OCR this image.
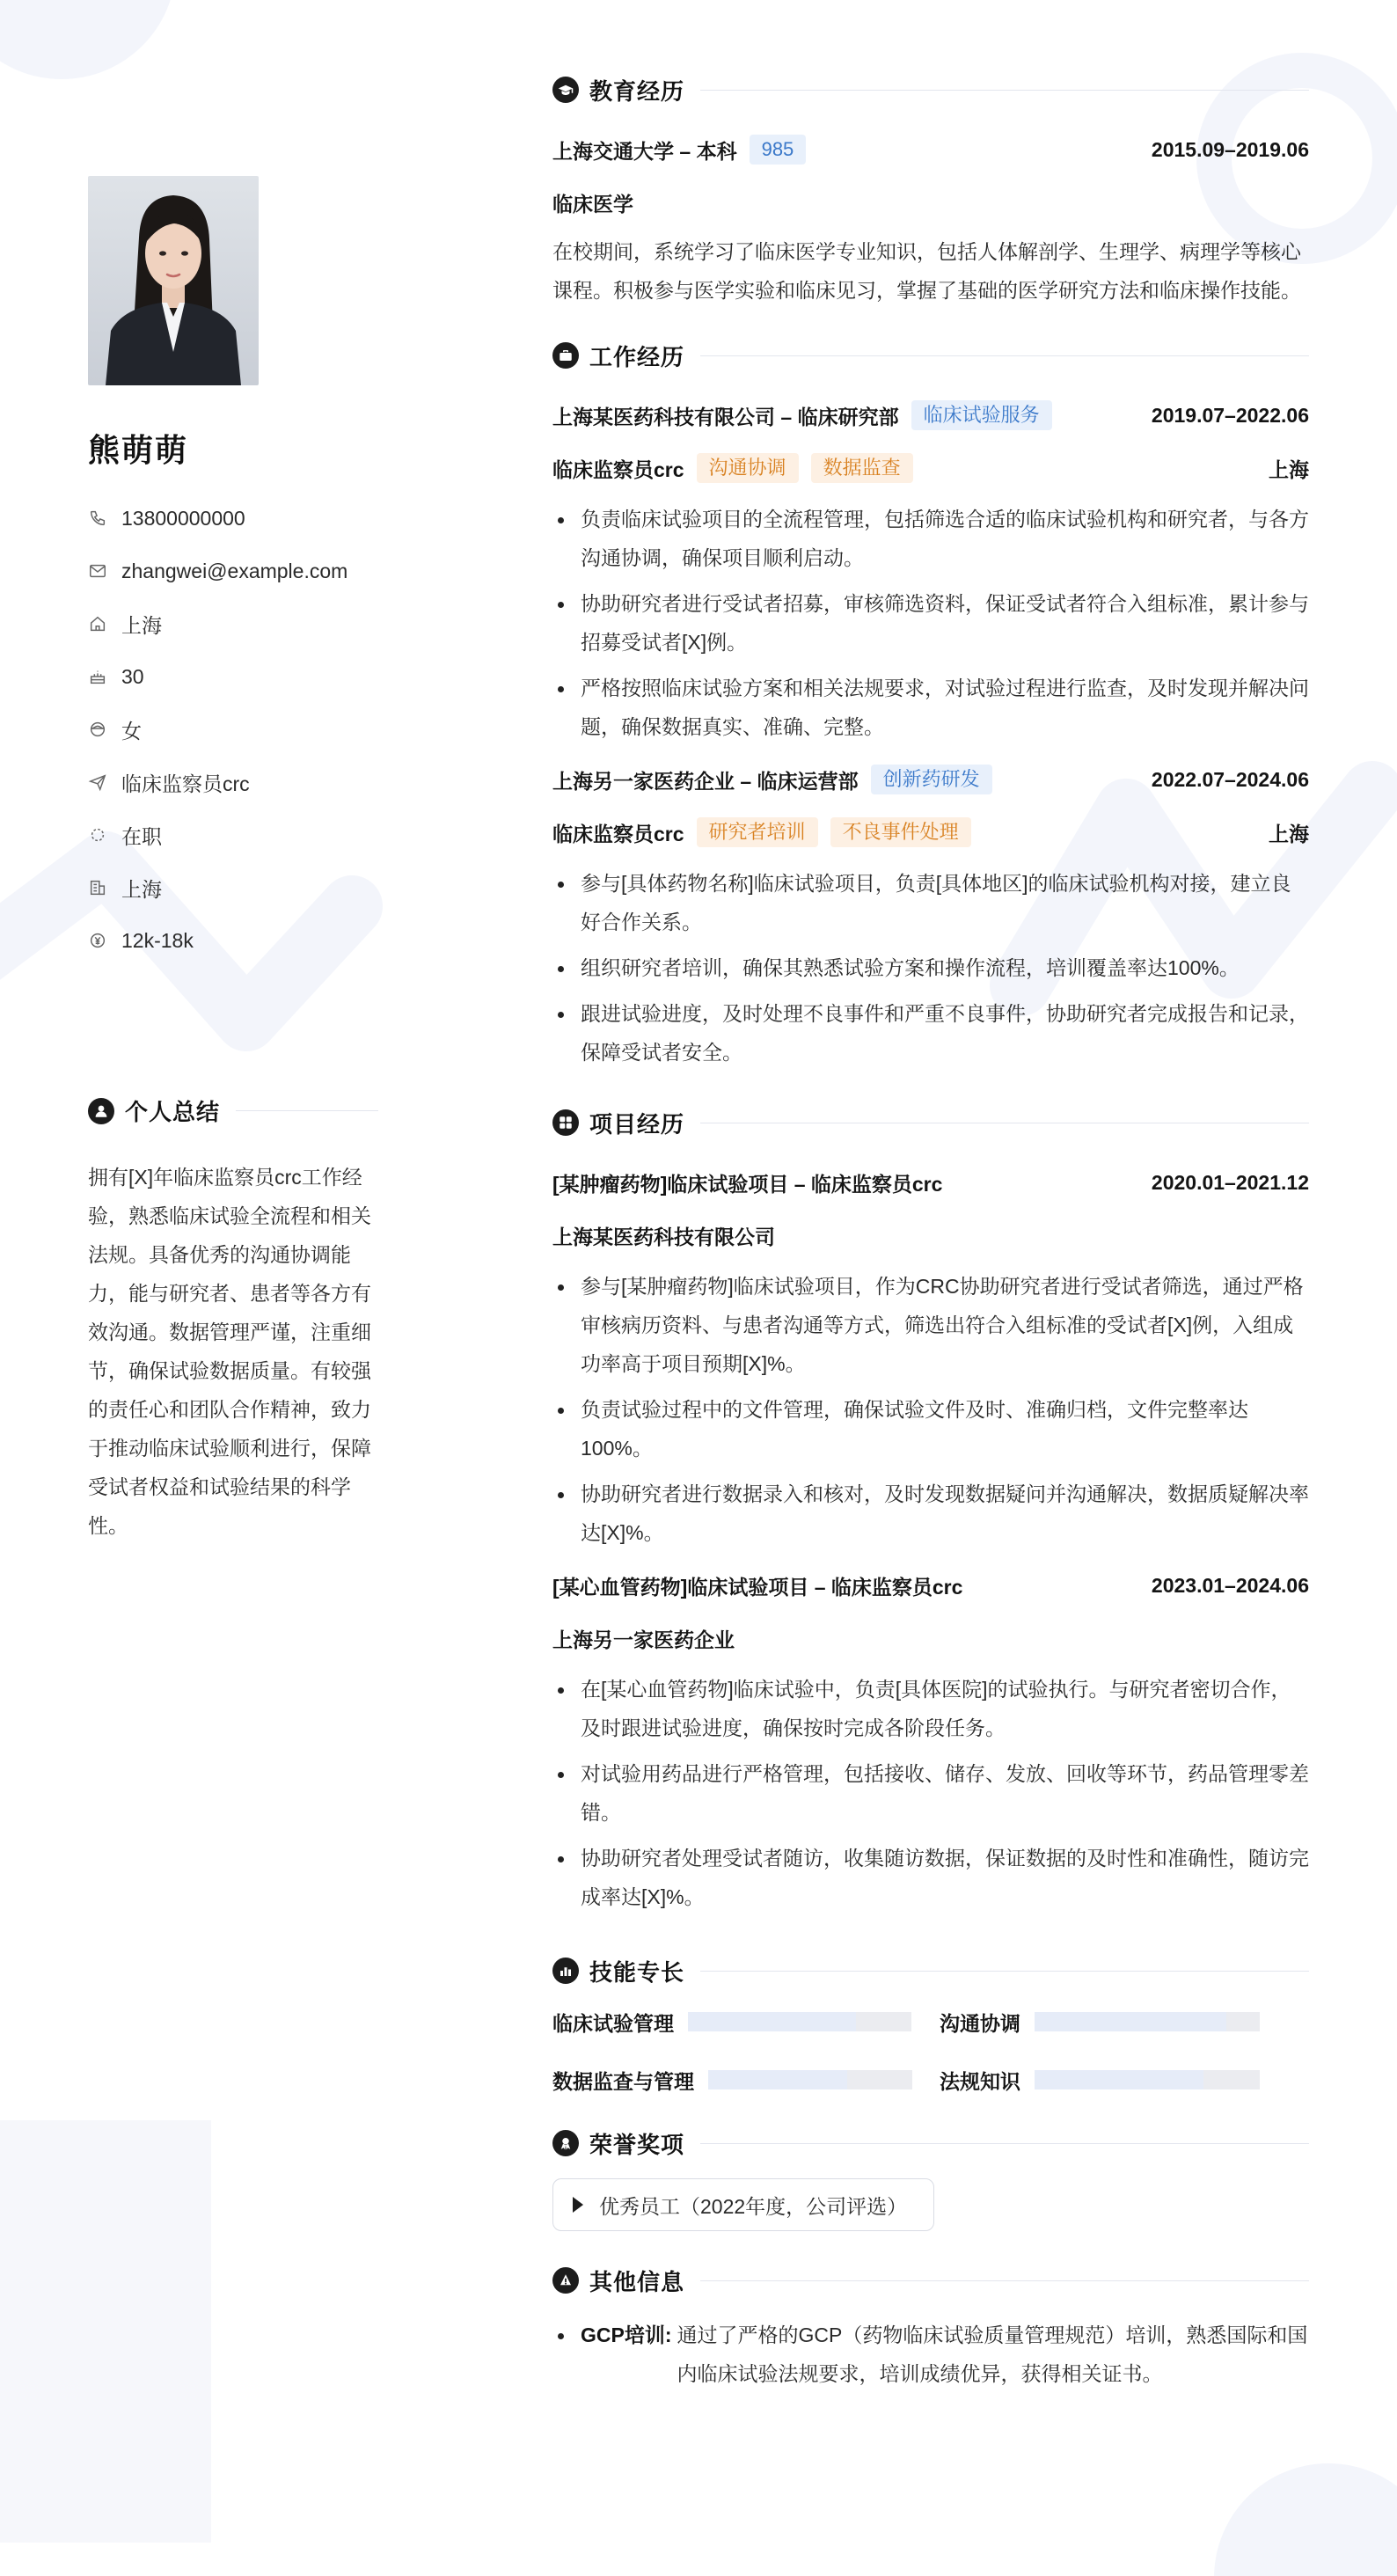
熊萌萌
13800000000
zhangwei@example.com
上海
30
女
临床监察员crc
在职
上海
12k-18k
个人总结

拥有[X]年临床监察员crc工作经验，熟悉临床试验全流程和相关法规。具备优秀的沟通协调能力，能与研究者、患者等各方有效沟通。数据管理严谨，注重细节，确保试验数据质量。有较强的责任心和团队合作精神，致力于推动临床试验顺利进行，保障受试者权益和试验结果的科学性。

教育经历
上海交通大学 – 本科	985	2015.09–2019.06
临床医学

在校期间，系统学习了临床医学专业知识，包括人体解剖学、生理学、病理学等核心课程。积极参与医学实验和临床见习，掌握了基础的医学研究方法和临床操作技能。

工作经历
上海某医药科技有限公司 – 临床研究部	临床试验服务	2019.07–2022.06
临床监察员crc	沟通协调	数据监查	上海
负责临床试验项目的全流程管理，包括筛选合适的临床试验机构和研究者，与各方沟通协调，确保项目顺利启动。
协助研究者进行受试者招募，审核筛选资料，保证受试者符合入组标准，累计参与招募受试者[X]例。
严格按照临床试验方案和相关法规要求，对试验过程进行监查，及时发现并解决问题，确保数据真实、准确、完整。
上海另一家医药企业 – 临床运营部	创新药研发	2022.07–2024.06
临床监察员crc	研究者培训	不良事件处理	上海
参与[具体药物名称]临床试验项目，负责[具体地区]的临床试验机构对接，建立良好合作关系。
组织研究者培训，确保其熟悉试验方案和操作流程，培训覆盖率达100%。
跟进试验进度，及时处理不良事件和严重不良事件，协助研究者完成报告和记录，保障受试者安全。
项目经历
[某肿瘤药物]临床试验项目 – 临床监察员crc	2020.01–2021.12
上海某医药科技有限公司
参与[某肿瘤药物]临床试验项目，作为CRC协助研究者进行受试者筛选，通过严格审核病历资料、与患者沟通等方式，筛选出符合入组标准的受试者[X]例，入组成功率高于项目预期[X]%。
负责试验过程中的文件管理，确保试验文件及时、准确归档，文件完整率达100%。
协助研究者进行数据录入和核对，及时发现数据疑问并沟通解决，数据质疑解决率达[X]%。
[某心血管药物]临床试验项目 – 临床监察员crc	2023.01–2024.06
上海另一家医药企业
在[某心血管药物]临床试验中，负责[具体医院]的试验执行。与研究者密切合作，及时跟进试验进度，确保按时完成各阶段任务。
对试验用药品进行严格管理，包括接收、储存、发放、回收等环节，药品管理零差错。
协助研究者处理受试者随访，收集随访数据，保证数据的及时性和准确性，随访完成率达[X]%。
技能专长
临床试验管理	沟通协调
数据监查与管理	法规知识
荣誉奖项
优秀员工（2022年度，公司评选）
其他信息
GCP培训: 通过了严格的GCP（药物临床试验质量管理规范）培训，熟悉国际和国内临床试验法规要求，培训成绩优异，获得相关证书。
